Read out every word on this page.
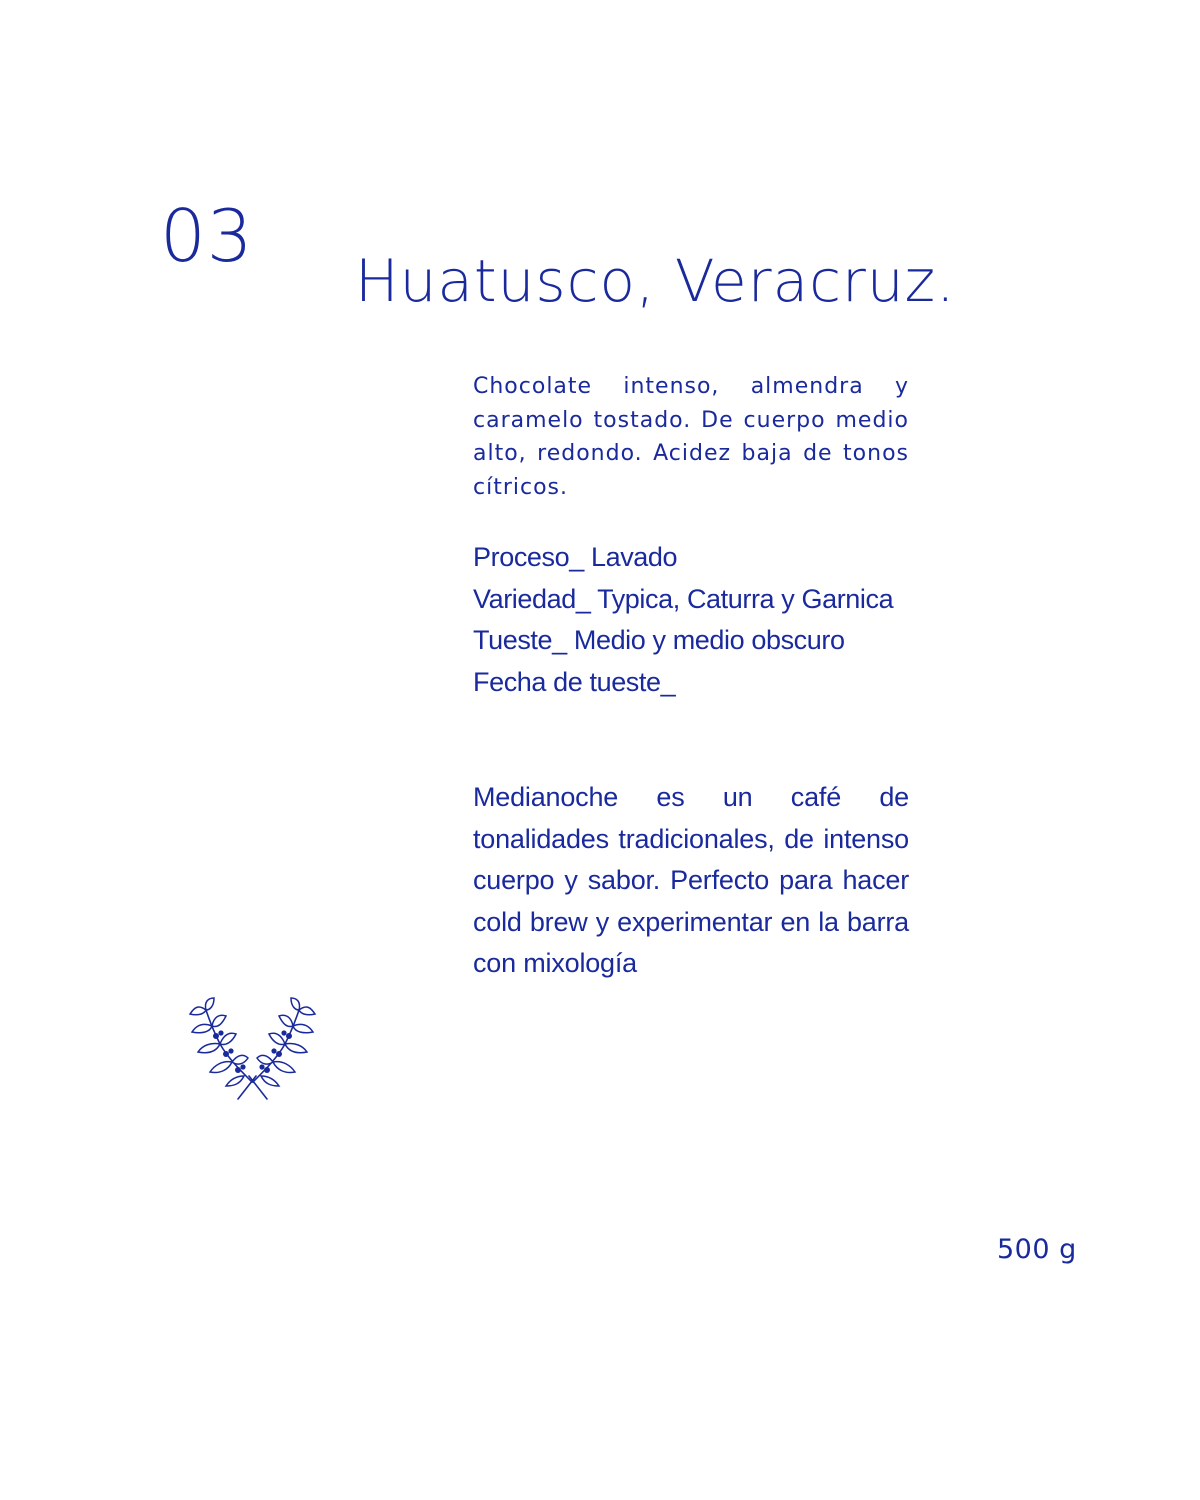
03
Huatusco, Veracruz.

Chocolate intenso, almendra y caramelo tostado. De cuerpo medio alto, redondo. Acidez baja de tonos cítricos.

Proceso_ Lavado
Variedad_ Typica, Caturra y Garnica
Tueste_ Medio y medio obscuro
Fecha de tueste_

Medianoche es un café de tonalidades tradicionales, de intenso cuerpo y sabor. Perfecto para hacer cold brew y experimentar en la barra con mixología

500 g
